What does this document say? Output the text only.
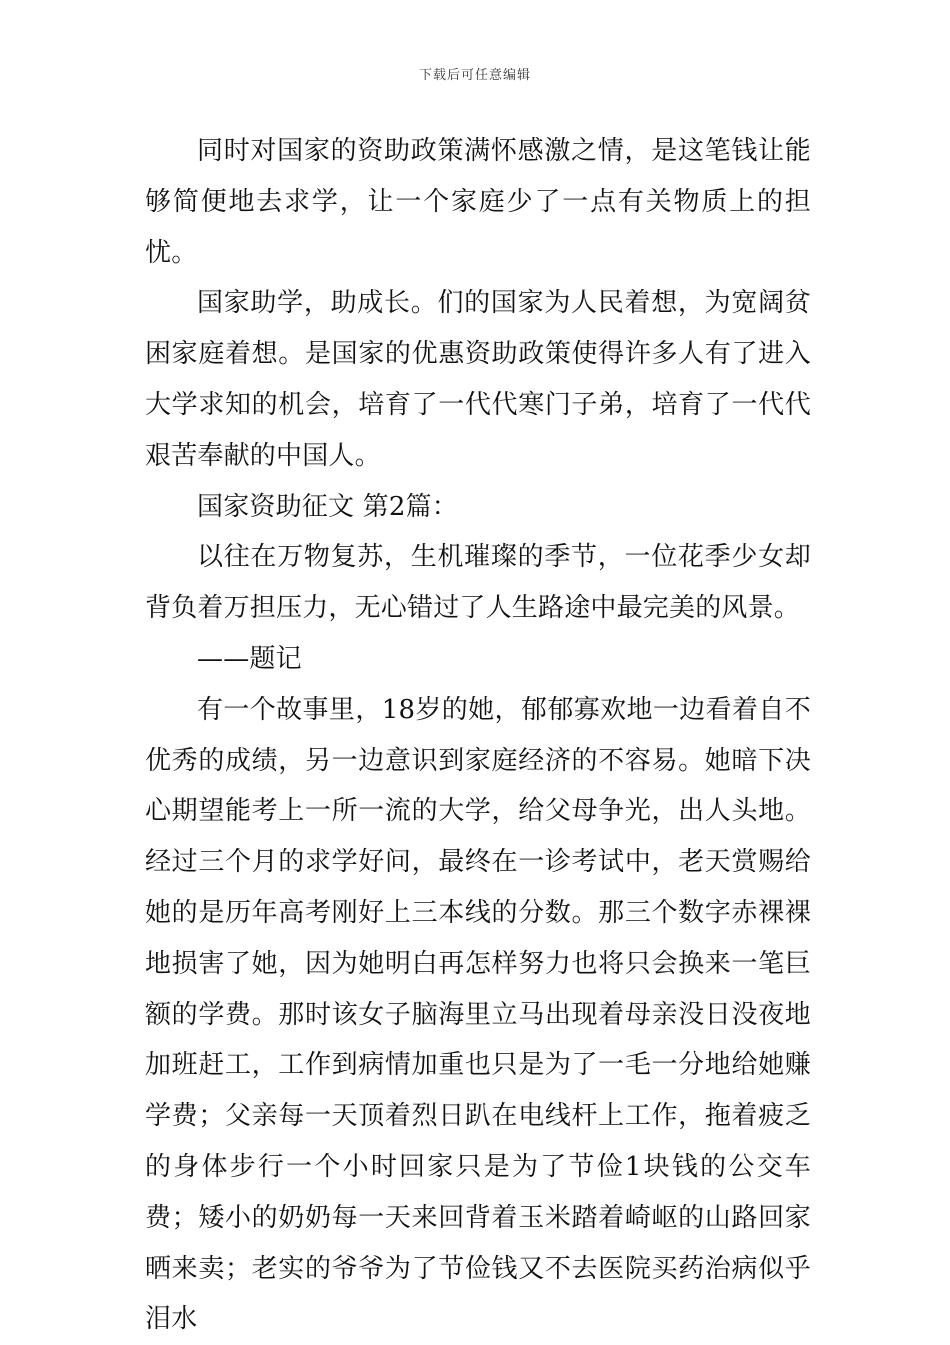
下载后可任意编辑

同时对国家的资助政策满怀感激之情，是这笔钱让能够简便地去求学，让一个家庭少了一点有关物质上的担忧。

国家助学，助成长。们的国家为人民着想，为宽阔贫困家庭着想。是国家的优惠资助政策使得许多人有了进入大学求知的机会，培育了一代代寒门子弟，培育了一代代艰苦奉献的中国人。

国家资助征文 第2篇：

以往在万物复苏，生机璀璨的季节，一位花季少女却背负着万担压力，无心错过了人生路途中最完美的风景。

——题记

有一个故事里，18岁的她，郁郁寡欢地一边看着自不优秀的成绩，另一边意识到家庭经济的不容易。她暗下决心期望能考上一所一流的大学，给父母争光，出人头地。经过三个月的求学好问，最终在一诊考试中，老天赏赐给她的是历年高考刚好上三本线的分数。那三个数字赤裸裸地损害了她，因为她明白再怎样努力也将只会换来一笔巨额的学费。那时该女子脑海里立马出现着母亲没日没夜地加班赶工，工作到病情加重也只是为了一毛一分地给她赚学费；父亲每一天顶着烈日趴在电线杆上工作，拖着疲乏的身体步行一个小时回家只是为了节俭1块钱的公交车费；矮小的奶奶每一天来回背着玉米踏着崎岖的山路回家晒来卖；老实的爷爷为了节俭钱又不去医院买药治病似乎泪水
